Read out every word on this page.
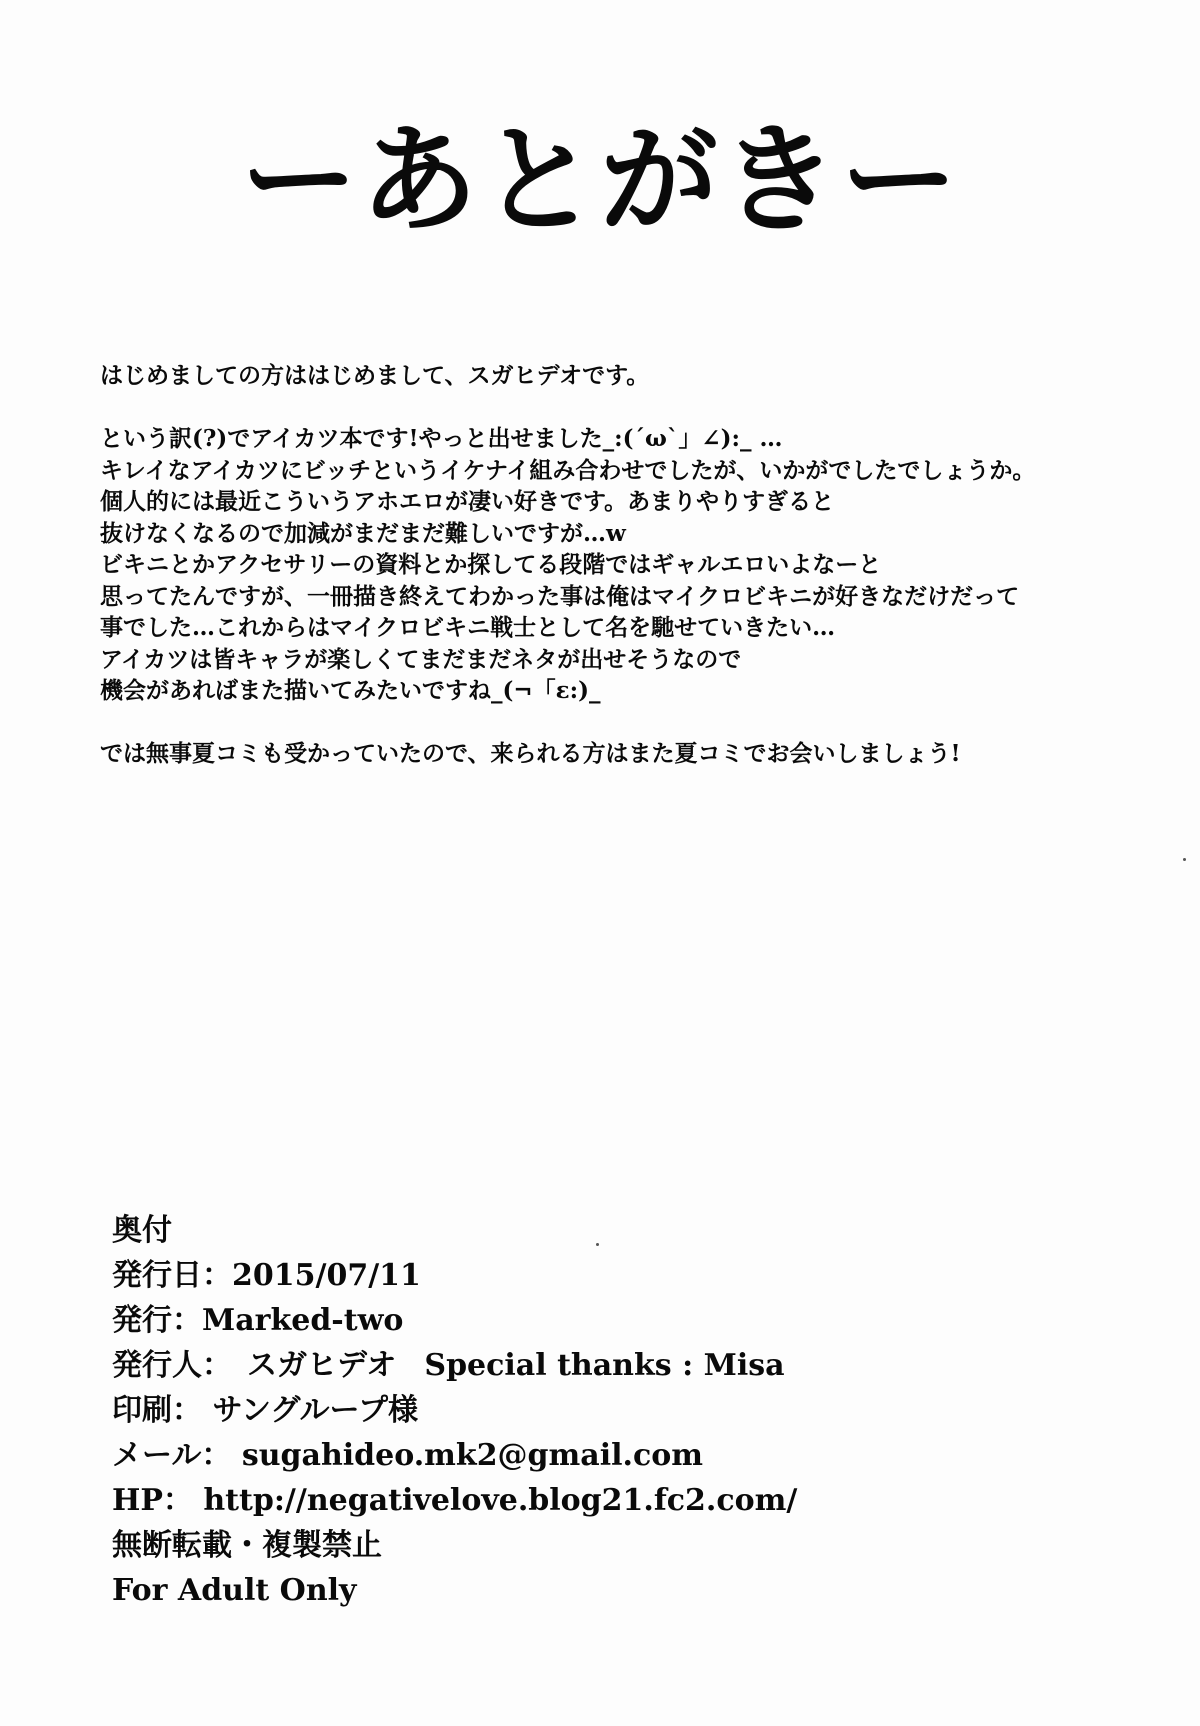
ーあとがきー
はじめましての方ははじめまして、スガヒデオです。
という訳(?)でアイカツ本です!やっと出せました_:(´ω`」∠):_ …
キレイなアイカツにビッチというイケナイ組み合わせでしたが、いかがでしたでしょうか。
個人的には最近こういうアホエロが凄い好きです。あまりやりすぎると
抜けなくなるので加減がまだまだ難しいですが…w
ビキニとかアクセサリーの資料とか探してる段階ではギャルエロいよなーと
思ってたんですが、一冊描き終えてわかった事は俺はマイクロビキニが好きなだけだって
事でした…これからはマイクロビキニ戦士として名を馳せていきたい…
アイカツは皆キャラが楽しくてまだまだネタが出せそうなので
機会があればまた描いてみたいですね_(¬「ε:)_
では無事夏コミも受かっていたので、来られる方はまた夏コミでお会いしましょう!
奥付
発行日：2015/07/11
発行：Marked-two
発行人：　スガヒデオ Special thanks : Misa
印刷： サングループ様
メール： sugahideo.mk2@gmail.com
HP： http://negativelove.blog21.fc2.com/
無断転載・複製禁止
For Adult Only
